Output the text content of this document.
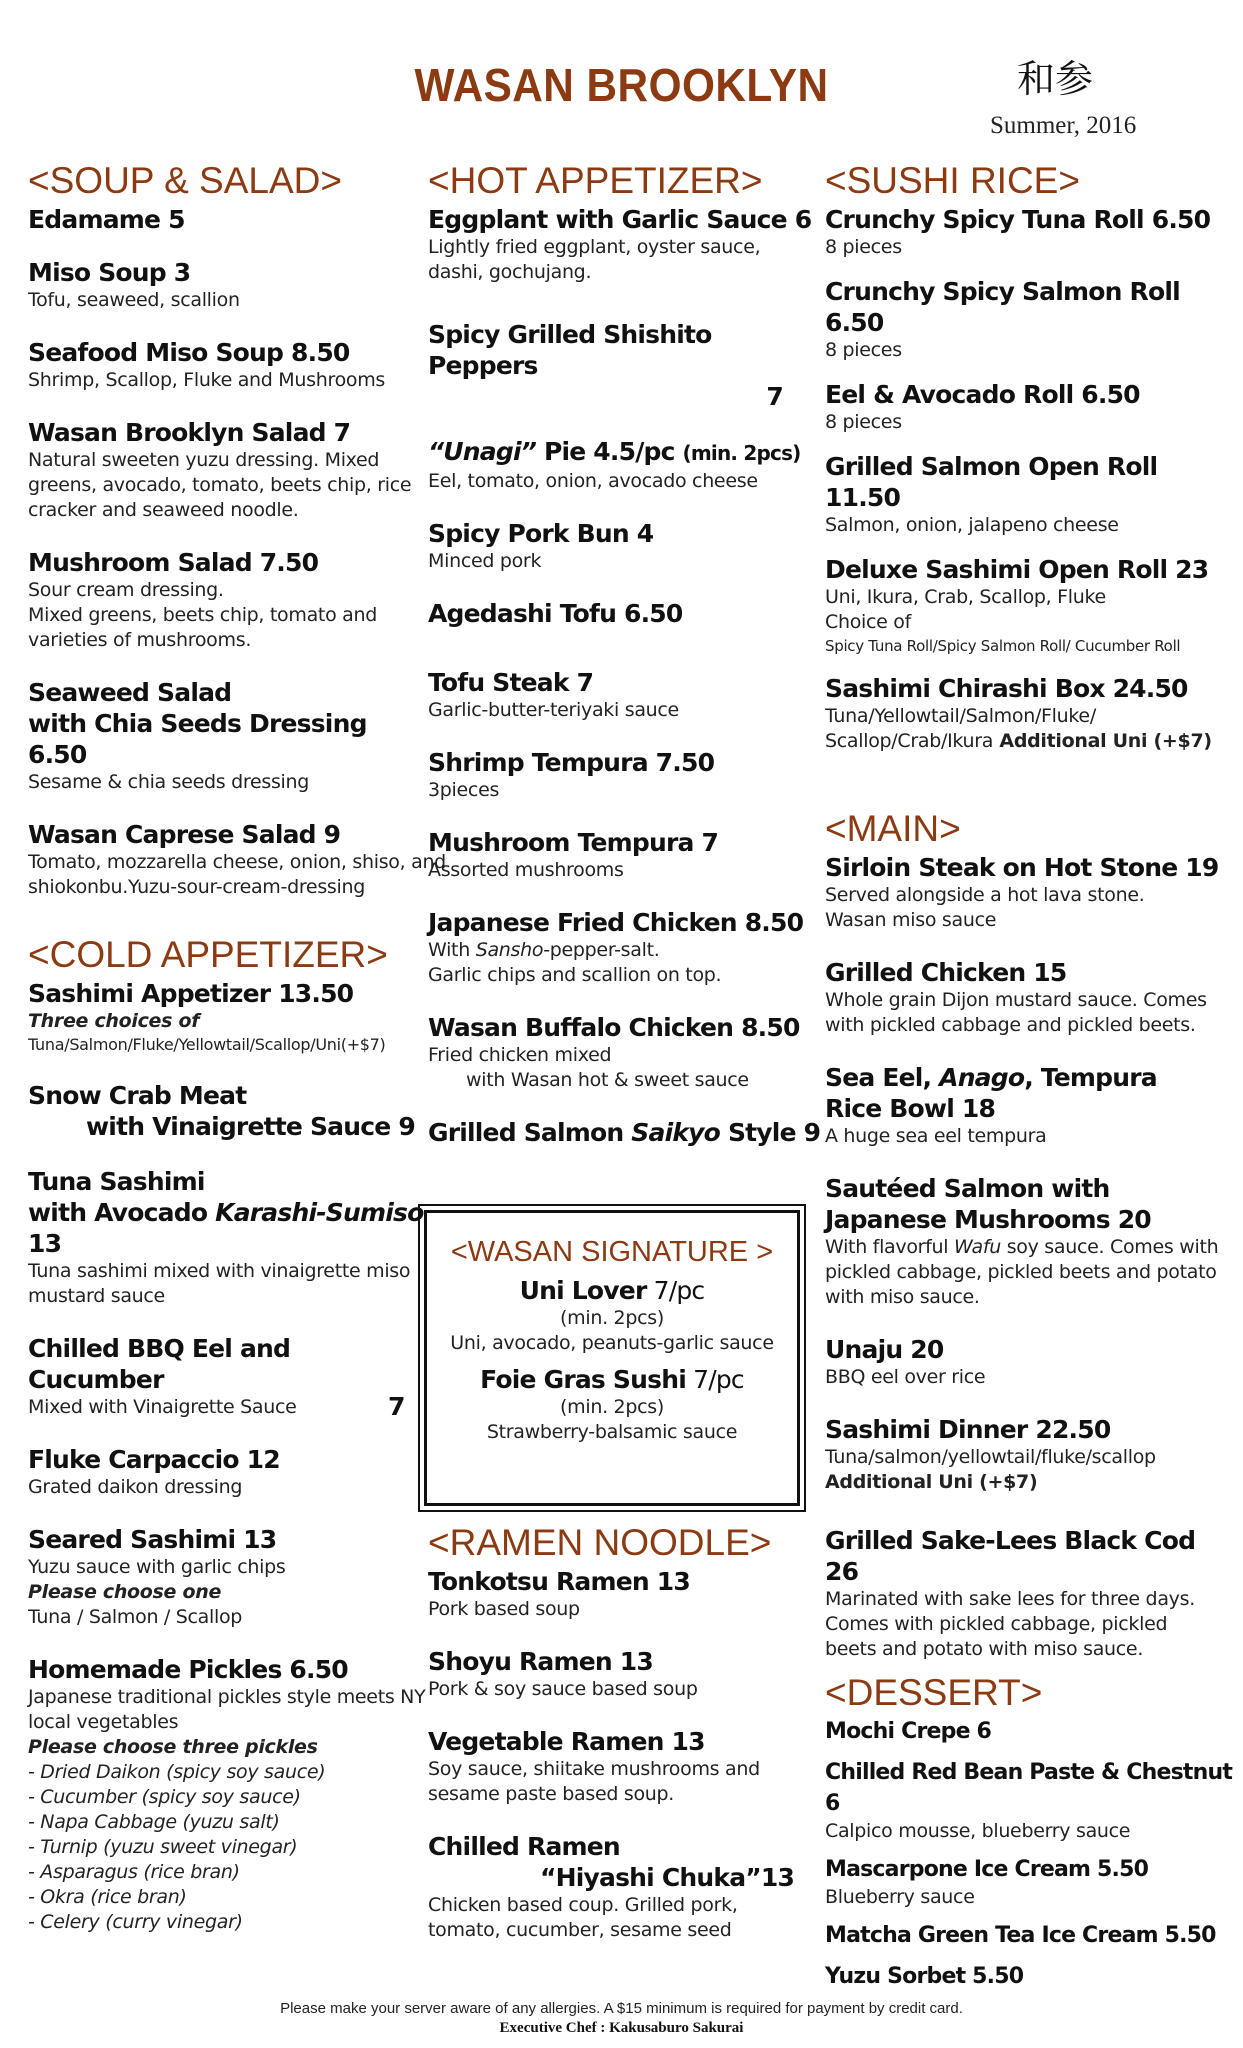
WASAN BROOKLYN	和参
Summer, 2016
<SOUP & SALAD>
Edamame 5
Miso Soup 3
Tofu, seaweed, scallion
Seafood Miso Soup 8.50
Shrimp, Scallop, Fluke and Mushrooms
Wasan Brooklyn Salad 7
Natural sweeten yuzu dressing. Mixed greens, avocado, tomato, beets chip, rice cracker and seaweed noodle.
Mushroom Salad 7.50
Sour cream dressing.
Mixed greens, beets chip, tomato and varieties of mushrooms.
Seaweed Salad
with Chia Seeds Dressing 6.50
Sesame & chia seeds dressing
Wasan Caprese Salad 9
Tomato, mozzarella cheese, onion, shiso, and shiokonbu.Yuzu-sour-cream-dressing
<COLD APPETIZER>
Sashimi Appetizer 13.50
Three choices of
Tuna/Salmon/Fluke/Yellowtail/Scallop/Uni(+$7)
Snow Crab Meat
with Vinaigrette Sauce 9
Tuna Sashimi
with Avocado Karashi-Sumiso 13
Tuna sashimi mixed with vinaigrette miso mustard sauce
Chilled BBQ Eel and Cucumber
Mixed with Vinaigrette Sauce	7
Fluke Carpaccio 12
Grated daikon dressing
Seared Sashimi 13
Yuzu sauce with garlic chips
Please choose one
Tuna / Salmon / Scallop
Homemade Pickles 6.50
Japanese traditional pickles style meets NY local vegetables
Please choose three pickles
- Dried Daikon (spicy soy sauce)
- Cucumber (spicy soy sauce)
- Napa Cabbage (yuzu salt)
- Turnip (yuzu sweet vinegar)
- Asparagus (rice bran)
- Okra (rice bran)
- Celery (curry vinegar)
<HOT APPETIZER>
Eggplant with Garlic Sauce 6
Lightly fried eggplant, oyster sauce, dashi, gochujang.
Spicy Grilled Shishito Peppers
7
“Unagi” Pie 4.5/pc (min. 2pcs)
Eel, tomato, onion, avocado cheese
Spicy Pork Bun 4
Minced pork
Agedashi Tofu 6.50
Tofu Steak 7
Garlic-butter-teriyaki sauce
Shrimp Tempura 7.50
3pieces
Mushroom Tempura 7
Assorted mushrooms
Japanese Fried Chicken 8.50
With Sansho-pepper-salt.
Garlic chips and scallion on top.
Wasan Buffalo Chicken 8.50
Fried chicken mixed
with Wasan hot & sweet sauce
Grilled Salmon Saikyo Style 9
<WASAN SIGNATURE >
Uni Lover 7/pc
(min. 2pcs)
Uni, avocado, peanuts-garlic sauce
Foie Gras Sushi 7/pc
(min. 2pcs)
Strawberry-balsamic sauce
<RAMEN NOODLE>
Tonkotsu Ramen 13
Pork based soup
Shoyu Ramen 13
Pork & soy sauce based soup
Vegetable Ramen 13
Soy sauce, shiitake mushrooms and sesame paste based soup.
Chilled Ramen
“Hiyashi Chuka”13
Chicken based coup. Grilled pork, tomato, cucumber, sesame seed
<SUSHI RICE>
Crunchy Spicy Tuna Roll 6.50
8 pieces
Crunchy Spicy Salmon Roll 6.50
8 pieces
Eel & Avocado Roll 6.50
8 pieces
Grilled Salmon Open Roll 11.50
Salmon, onion, jalapeno cheese
Deluxe Sashimi Open Roll 23
Uni, Ikura, Crab, Scallop, Fluke
Choice of
Spicy Tuna Roll/Spicy Salmon Roll/ Cucumber Roll
Sashimi Chirashi Box 24.50
Tuna/Yellowtail/Salmon/Fluke/
Scallop/Crab/Ikura Additional Uni (+$7)
<MAIN>
Sirloin Steak on Hot Stone 19
Served alongside a hot lava stone.
Wasan miso sauce
Grilled Chicken 15
Whole grain Dijon mustard sauce. Comes with pickled cabbage and pickled beets.
Sea Eel, Anago, Tempura Rice Bowl 18
A huge sea eel tempura
Sautéed Salmon with Japanese Mushrooms 20
With flavorful Wafu soy sauce. Comes with pickled cabbage, pickled beets and potato with miso sauce.
Unaju 20
BBQ eel over rice
Sashimi Dinner 22.50
Tuna/salmon/yellowtail/fluke/scallop
Additional Uni (+$7)
Grilled Sake-Lees Black Cod 26
Marinated with sake lees for three days. Comes with pickled cabbage, pickled beets and potato with miso sauce.
<DESSERT>
Mochi Crepe 6
Chilled Red Bean Paste & Chestnut 6
Calpico mousse, blueberry sauce
Mascarpone Ice Cream 5.50
Blueberry sauce
Matcha Green Tea Ice Cream 5.50
Yuzu Sorbet 5.50
Please make your server aware of any allergies. A $15 minimum is required for payment by credit card.
Executive Chef : Kakusaburo Sakurai
